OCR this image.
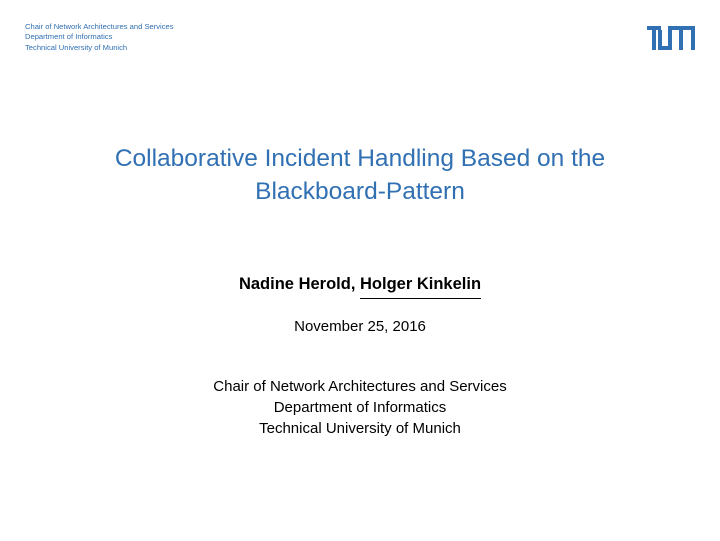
Chair of Network Architectures and Services
Department of Informatics
Technical University of Munich
Collaborative Incident Handling Based on the
Blackboard-Pattern
Nadine Herold, Holger Kinkelin
November 25, 2016
Chair of Network Architectures and Services
Department of Informatics
Technical University of Munich
